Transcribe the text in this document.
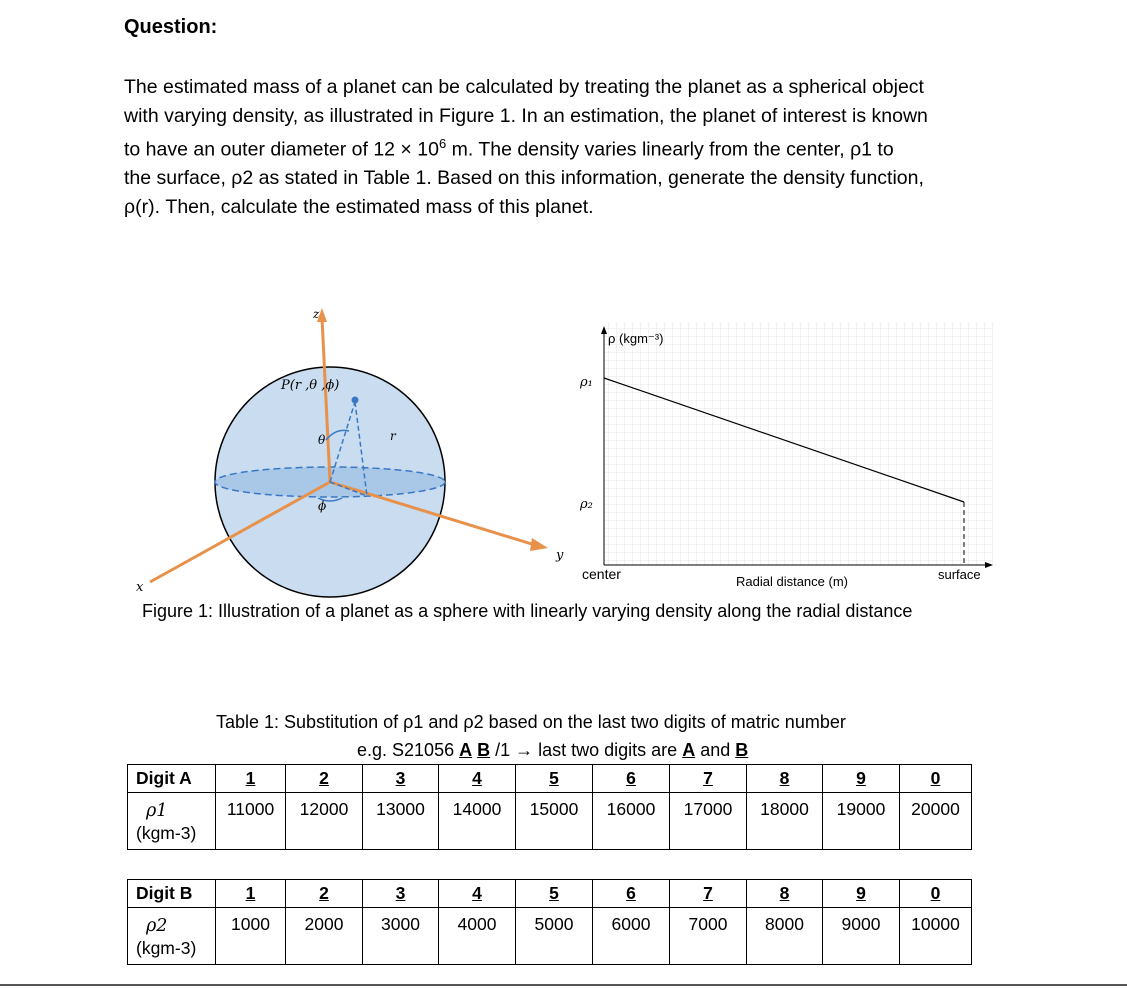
Question:
The estimated mass of a planet can be calculated by treating the planet as a spherical object
with varying density, as illustrated in Figure 1. In an estimation, the planet of interest is known
to have an outer diameter of $12 \times 10^6$ m. The density varies linearly from the center, ρ1 to
the surface, ρ2 as stated in Table 1. Based on this information, generate the density function,
ρ(r). Then, calculate the estimated mass of this planet.
z
x
y
P(r ,θ ,ϕ)
θ	r
ϕ
ρ (kgm⁻³)
ρ₁
ρ₂
center	surface
Radial distance (m)
Figure 1: Illustration of a planet as a sphere with linearly varying density along the radial distance
Table 1: Substitution of ρ1 and ρ2 based on the last two digits of matric number
e.g. S21056 A B /1 → last two digits are A and B
Digit A	1	2	3	4	5	6	7	8	9	0
ρ1
(kgm-3)	11000	12000	13000	14000	15000	16000	17000	18000	19000	20000
Digit B	1	2	3	4	5	6	7	8	9	0
ρ2
(kgm-3)	1000	2000	3000	4000	5000	6000	7000	8000	9000	10000
